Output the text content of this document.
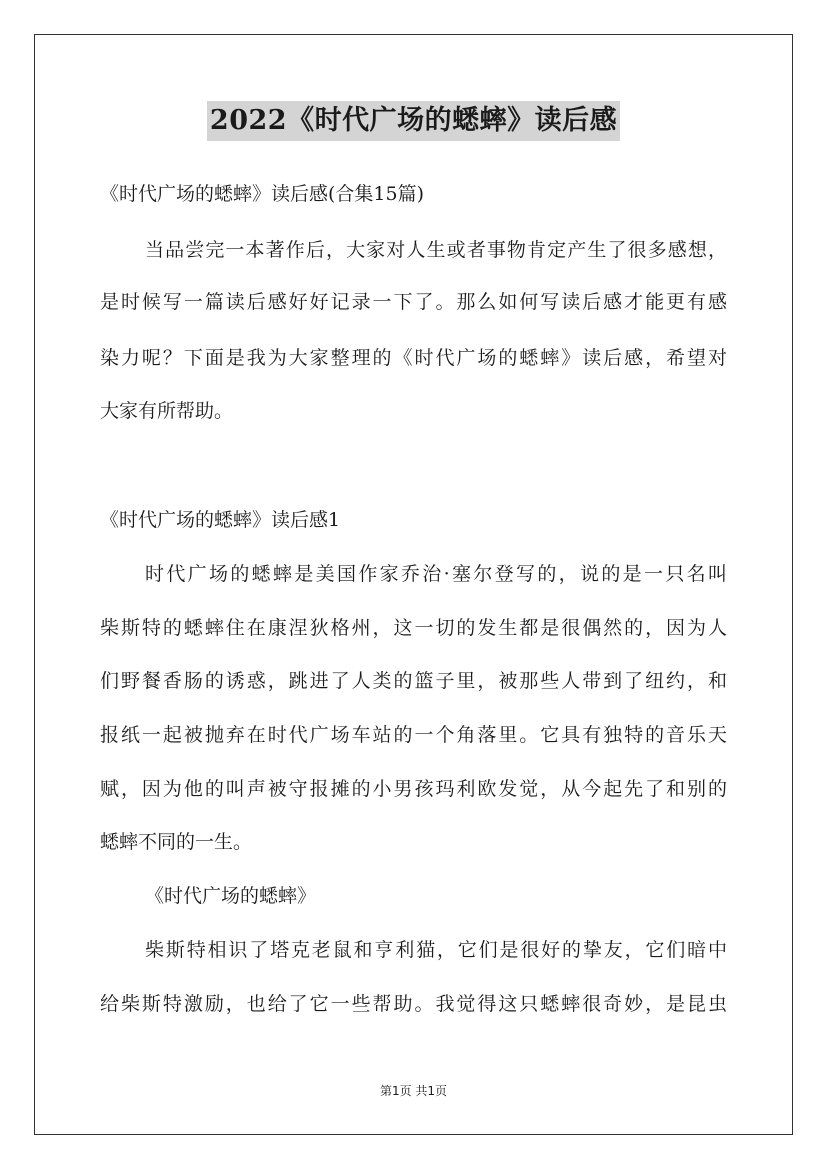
2022《时代广场的蟋蟀》读后感
《时代广场的蟋蟀》读后感(合集15篇)
当品尝完一本著作后，大家对人生或者事物肯定产生了很多感想，
是时候写一篇读后感好好记录一下了。那么如何写读后感才能更有感
染力呢？下面是我为大家整理的《时代广场的蟋蟀》读后感，希望对
大家有所帮助。
《时代广场的蟋蟀》读后感1
时代广场的蟋蟀是美国作家乔治·塞尔登写的，说的是一只名叫
柴斯特的蟋蟀住在康涅狄格州，这一切的发生都是很偶然的，因为人
们野餐香肠的诱惑，跳进了人类的篮子里，被那些人带到了纽约，和
报纸一起被抛弃在时代广场车站的一个角落里。它具有独特的音乐天
赋，因为他的叫声被守报摊的小男孩玛利欧发觉，从今起先了和别的
蟋蟀不同的一生。
《时代广场的蟋蟀》
柴斯特相识了塔克老鼠和亨利猫，它们是很好的挚友，它们暗中
给柴斯特激励，也给了它一些帮助。我觉得这只蟋蟀很奇妙，是昆虫
第1页 共1页
